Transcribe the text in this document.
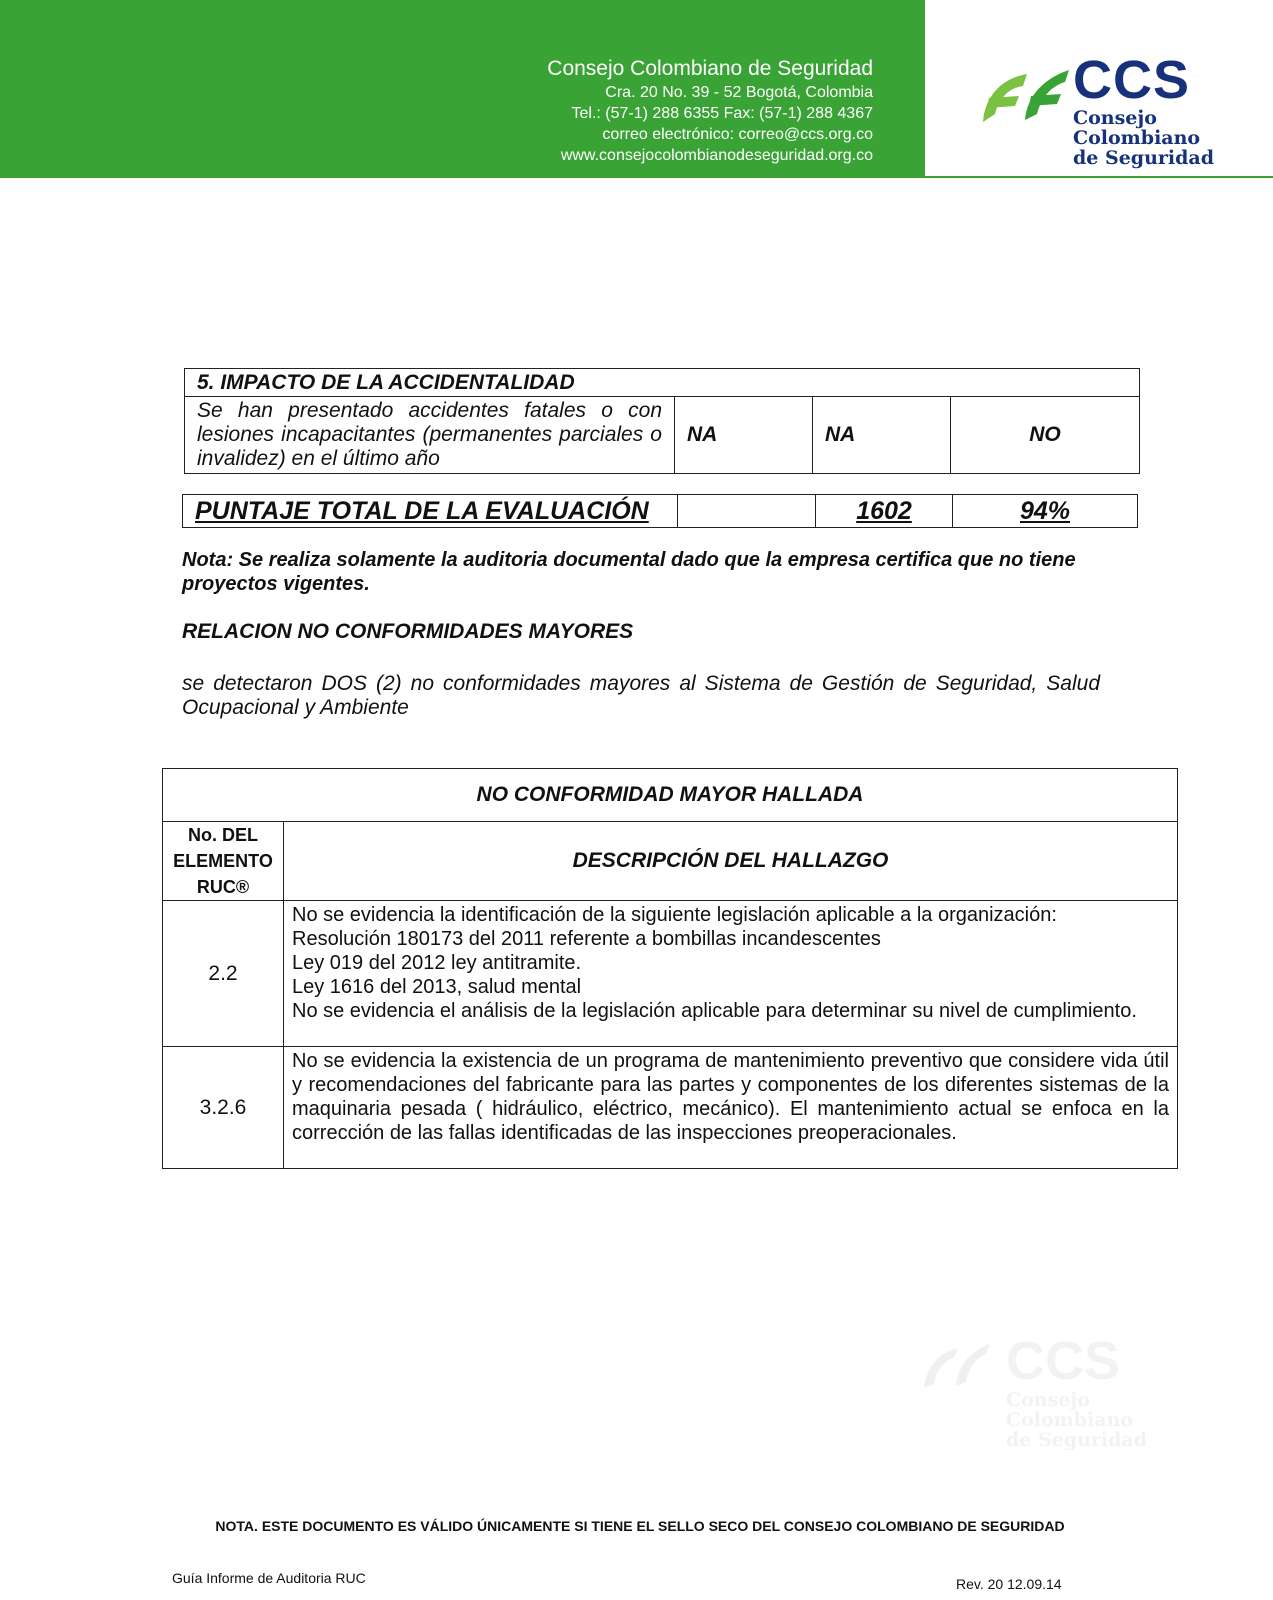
Consejo Colombiano de Seguridad
Cra. 20 No. 39 - 52 Bogotá, Colombia
Tel.: (57-1) 288 6355 Fax: (57-1) 288 4367
correo electrónico: correo@ccs.org.co
www.consejocolombianodeseguridad.org.co
CCS
Consejo Colombiano
de Seguridad
5. IMPACTO DE LA ACCIDENTALIDAD
Se han presentado accidentes fatales o con lesiones incapacitantes (permanentes parciales o invalidez) en el último año	NA	NA	NO
PUNTAJE TOTAL DE LA EVALUACIÓN		1602	94%
Nota: Se realiza solamente la auditoria documental dado que la empresa certifica que no tiene proyectos vigentes.
RELACION NO CONFORMIDADES MAYORES
se detectaron DOS (2) no conformidades mayores al Sistema de Gestión de Seguridad, Salud Ocupacional y Ambiente
NO CONFORMIDAD MAYOR HALLADA	

No. DEL
ELEMENTO
RUC®	DESCRIPCIÓN DEL HALLAZGO
2.2	No se evidencia la identificación de la siguiente legislación aplicable a la organización:
Resolución 180173 del 2011 referente a bombillas incandescentes
Ley 019 del 2012 ley antitramite.
Ley 1616 del 2013, salud mental
No se evidencia el análisis de la legislación aplicable para determinar su nivel de cumplimiento.

3.2.6	No se evidencia la existencia de un programa de mantenimiento preventivo que considere vida útil y recomendaciones del fabricante para las partes y componentes de los diferentes sistemas de la maquinaria pesada ( hidráulico, eléctrico, mecánico). El mantenimiento actual se enfoca en la corrección de las fallas identificadas de las inspecciones preoperacionales.
CCS
Consejo Colombiano
de Seguridad
NOTA. ESTE DOCUMENTO ES VÁLIDO ÚNICAMENTE SI TIENE EL SELLO SECO DEL CONSEJO COLOMBIANO DE SEGURIDAD
Guía Informe de Auditoria RUC	Rev. 20 12.09.14
